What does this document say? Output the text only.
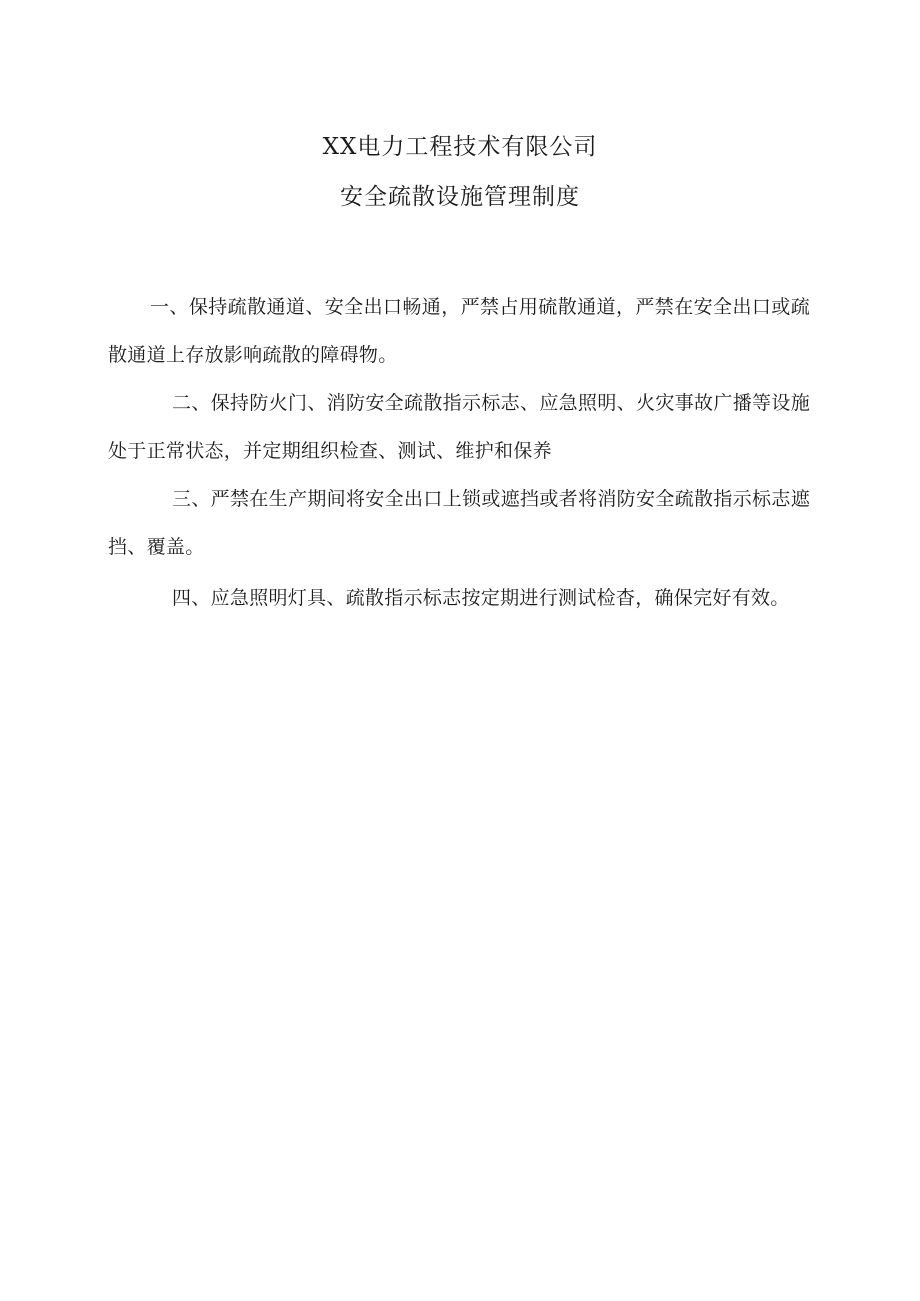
XX电力工程技术有限公司
安全疏散设施管理制度

一、保持疏散通道、安全出口畅通，严禁占用硫散通道，严禁在安全出口或疏散通道上存放影响疏散的障碍物。

二、保持防火门、消防安全疏散指示标志、应急照明、火灾事故广播等设施处于正常状态，并定期组织检查、测试、维护和保养

三、严禁在生产期间将安全出口上锁或遮挡或者将消防安全疏散指示标志遮挡、覆盖。

四、应急照明灯具、疏散指示标志按定期进行测试检杳，确保完好有效。
